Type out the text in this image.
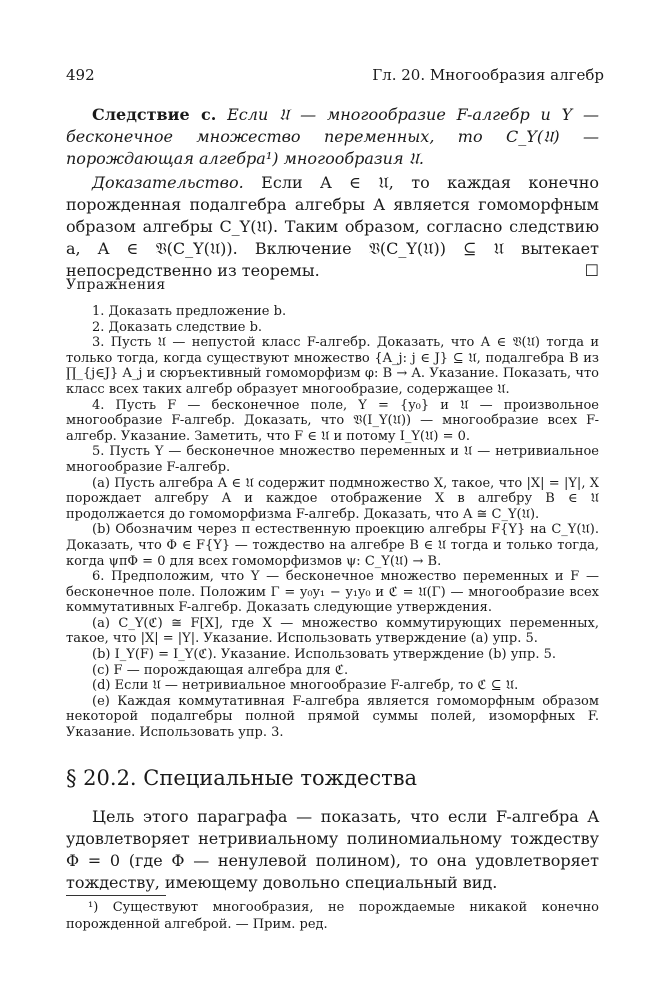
492	Гл. 20. Многообразия алгебр

Следствие c. Если 𝔘 — многообразие F-алгебр и Y — бесконечное множество переменных, то C_Y(𝔘) — порождающая алгебра¹) многообразия 𝔘.

Доказательство. Если A ∈ 𝔘, то каждая конечно порожденная подалгебра алгебры A является гомоморфным образом алгебры C_Y(𝔘). Таким образом, согласно следствию a, A ∈ 𝔙(C_Y(𝔘)). Включение 𝔙(C_Y(𝔘)) ⊆ 𝔘 вытекает непосредственно из теоремы.	☐

Упражнения

1. Доказать предложение b.

2. Доказать следствие b.

3. Пусть 𝔘 — непустой класс F-алгебр. Доказать, что A ∈ 𝔙(𝔘) тогда и только тогда, когда существуют множество {A_j: j ∈ J} ⊆ 𝔘, подалгебра B из ∏_{j∈J} A_j и сюръективный гомоморфизм φ: B → A. Указание. Показать, что класс всех таких алгебр образует многообразие, содержащее 𝔘.

4. Пусть F — бесконечное поле, Y = {y₀} и 𝔘 — произвольное многообразие F-алгебр. Доказать, что 𝔙(I_Y(𝔘)) — многообразие всех F-алгебр. Указание. Заметить, что F ∈ 𝔘 и потому I_Y(𝔘) = 0.

5. Пусть Y — бесконечное множество переменных и 𝔘 — нетривиальное многообразие F-алгебр.

(a) Пусть алгебра A ∈ 𝔘 содержит подмножество X, такое, что |X| = |Y|, X порождает алгебру A и каждое отображение X в алгебру B ∈ 𝔘 продолжается до гомоморфизма F-алгебр. Доказать, что A ≅ C_Y(𝔘).

(b) Обозначим через π естественную проекцию алгебры F{Y} на C_Y(𝔘). Доказать, что Φ ∈ F{Y} — тождество на алгебре B ∈ 𝔘 тогда и только тогда, когда ψπΦ = 0 для всех гомоморфизмов ψ: C_Y(𝔘) → B.

6. Предположим, что Y — бесконечное множество переменных и F — бесконечное поле. Положим Γ = y₀y₁ − y₁y₀ и ℭ = 𝔘(Γ) — многообразие всех коммутативных F-алгебр. Доказать следующие утверждения.

(a) C_Y(ℭ) ≅ F[X], где X — множество коммутирующих переменных, такое, что |X| = |Y|. Указание. Использовать утверждение (a) упр. 5.

(b) I_Y(F) = I_Y(ℭ). Указание. Использовать утверждение (b) упр. 5.

(c) F — порождающая алгебра для ℭ.

(d) Если 𝔘 — нетривиальное многообразие F-алгебр, то ℭ ⊆ 𝔘.

(e) Каждая коммутативная F-алгебра является гомоморфным образом некоторой подалгебры полной прямой суммы полей, изоморфных F. Указание. Использовать упр. 3.

§ 20.2. Специальные тождества

Цель этого параграфа — показать, что если F-алгебра A удовлетворяет нетривиальному полиномиальному тождеству Φ = 0 (где Φ — ненулевой полином), то она удовлетворяет тождеству, имеющему довольно специальный вид.

¹) Существуют многообразия, не порождаемые никакой конечно порожденной алгеброй. — Прим. ред.
